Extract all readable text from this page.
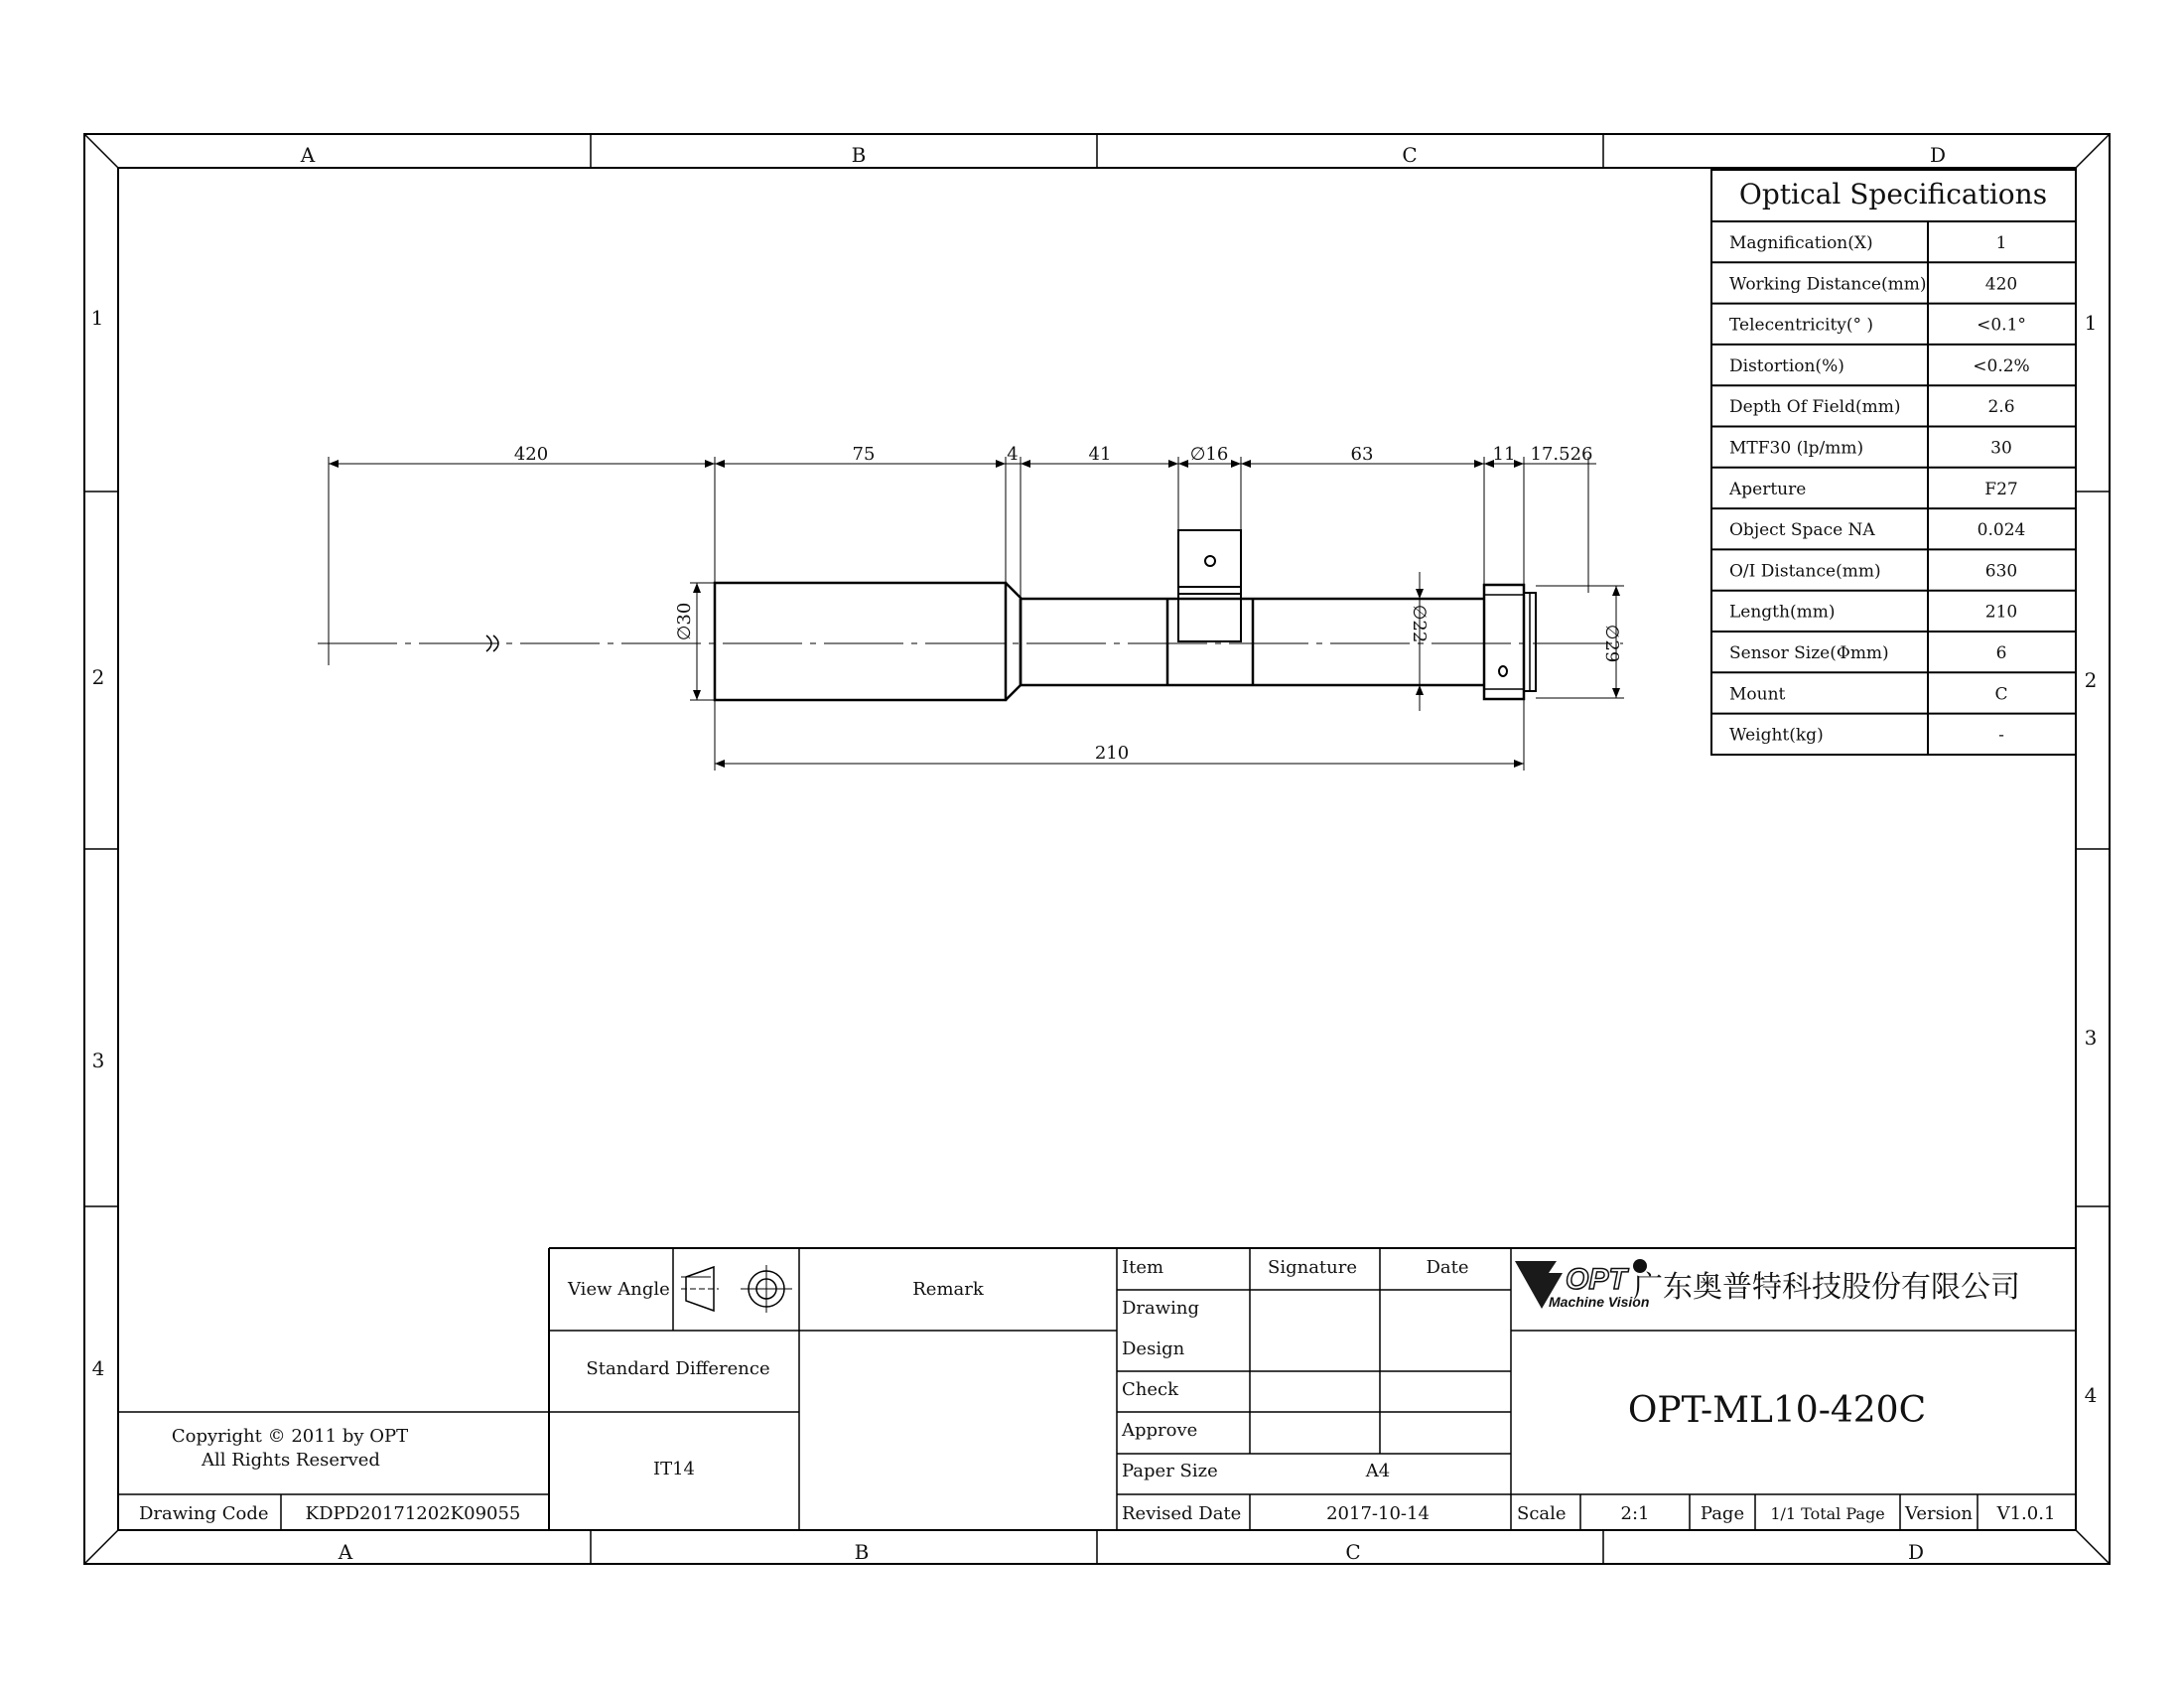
A	B	C	D
A	B	C	D
1
2
3
4
1
2
3
4
Optical Specifications
Magnification(X)	1
Working Distance(mm)	420
Telecentricity(° )	<0.1°
Distortion(%)	<0.2%
Depth Of Field(mm)	2.6
MTF30 (lp/mm)	30
Aperture	F27
Object Space NA	0.024
O/I Distance(mm)	630
Length(mm)	210
Sensor Size(Φmm)	6
Mount	C
Weight(kg)	-
420	75	4	41	∅16	63	11 17.526
210
∅30	∅22
∅29
View Angle	Remark
Standard Difference
IT14
Copyright © 2011 by OPT
All Rights Reserved
Drawing Code KDPD20171202K09055
Item	Signature	Date
Drawing
Design
Check
Approve
Paper Size	A4
Revised Date	2017-10-14	Scale	2:1	Page 1/1 Total Page Version V1.0.1
OPT
Machine Vision
广东奥普特科技股份有限公司
OPT-ML10-420C
